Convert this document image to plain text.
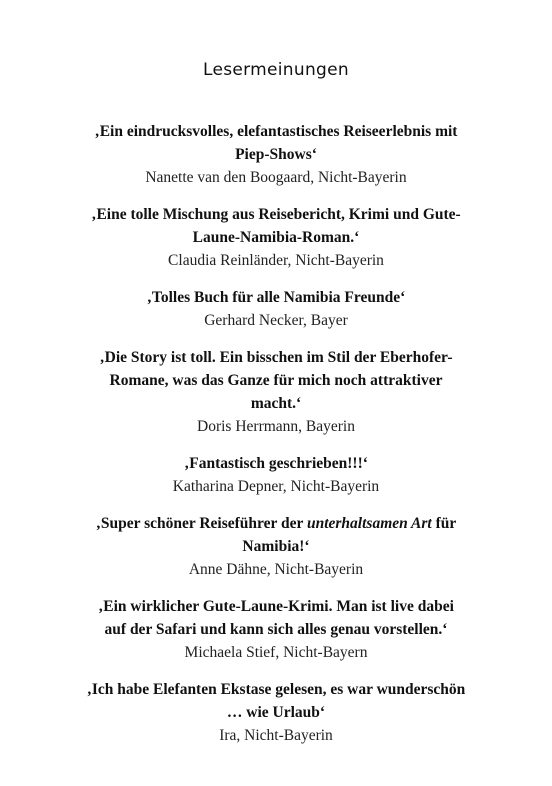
Lesermeinungen
‚Ein eindrucksvolles, elefantastisches Reiseerlebnis mit Piep-Shows‘
Nanette van den Boogaard, Nicht-Bayerin
‚Eine tolle Mischung aus Reisebericht, Krimi und Gute-Laune-Namibia-Roman.‘
Claudia Reinländer, Nicht-Bayerin
‚Tolles Buch für alle Namibia Freunde‘
Gerhard Necker, Bayer
‚Die Story ist toll. Ein bisschen im Stil der Eberhofer-Romane, was das Ganze für mich noch attraktiver macht.‘
Doris Herrmann, Bayerin
‚Fantastisch geschrieben!!!‘
Katharina Depner, Nicht-Bayerin
‚Super schöner Reiseführer der unterhaltsamen Art für Namibia!‘
Anne Dähne, Nicht-Bayerin
‚Ein wirklicher Gute-Laune-Krimi. Man ist live dabei auf der Safari und kann sich alles genau vorstellen.‘
Michaela Stief, Nicht-Bayern
‚Ich habe Elefanten Ekstase gelesen, es war wunderschön … wie Urlaub‘
Ira, Nicht-Bayerin
